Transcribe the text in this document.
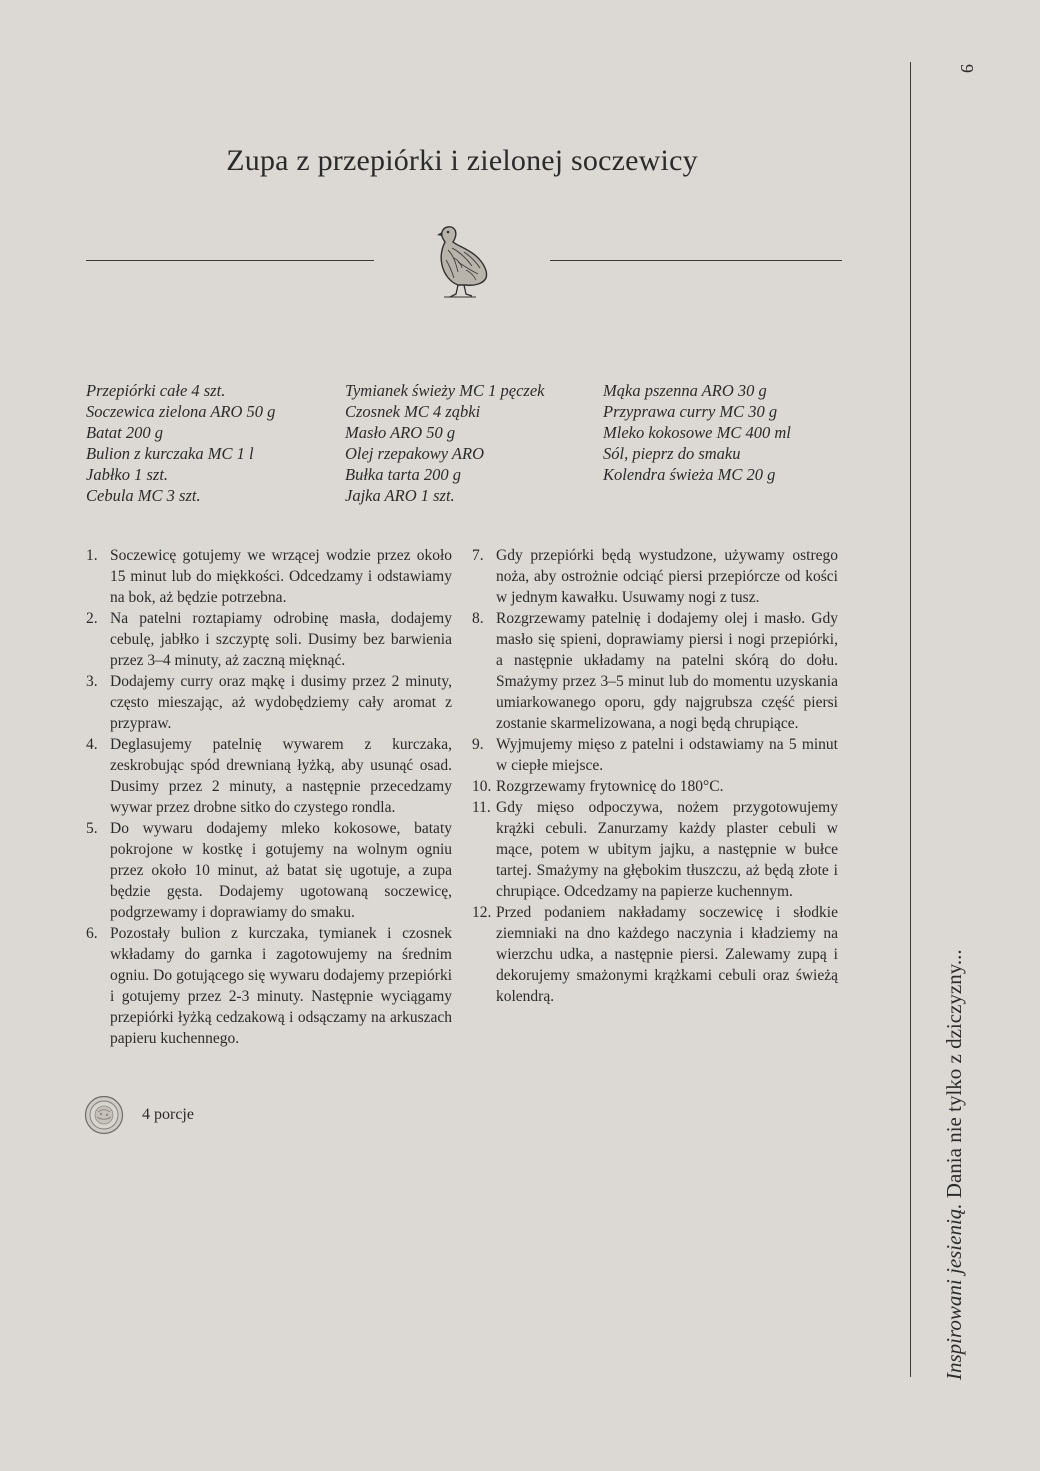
Zupa z przepiórki i zielonej soczewicy
Przepiórki całe 4 szt.
Soczewica zielona ARO 50 g
Batat 200 g
Bulion z kurczaka MC 1 l
Jabłko 1 szt.
Cebula MC 3 szt.
Tymianek świeży MC 1 pęczek
Czosnek MC 4 ząbki
Masło ARO 50 g
Olej rzepakowy ARO
Bułka tarta 200 g
Jajka ARO 1 szt.
Mąka pszenna ARO 30 g
Przyprawa curry MC 30 g
Mleko kokosowe MC 400 ml
Sól, pieprz do smaku
Kolendra świeża MC 20 g
1. Soczewicę gotujemy we wrzącej wodzie przez około 15 minut lub do miękkości. Odcedzamy i odstawiamy na bok, aż będzie potrzebna.
2. Na patelni roztapiamy odrobinę masła, dodajemy cebulę, jabłko i szczyptę soli. Dusimy bez barwienia przez 3–4 minuty, aż zaczną mięknąć.
3. Dodajemy curry oraz mąkę i dusimy przez 2 minuty, często mieszając, aż wydobędziemy cały aromat z przypraw.
4. Deglasujemy patelnię wywarem z kurczaka, zeskrobując spód drewnianą łyżką, aby usunąć osad. Dusimy przez 2 minuty, a następnie przecedzamy wywar przez drobne sitko do czystego rondla.
5. Do wywaru dodajemy mleko kokosowe, bataty pokrojone w kostkę i gotujemy na wolnym ogniu przez około 10 minut, aż batat się ugotuje, a zupa będzie gęsta. Dodajemy ugotowaną soczewicę, podgrzewamy i doprawiamy do smaku.
6. Pozostały bulion z kurczaka, tymianek i czosnek wkładamy do garnka i zagotowujemy na średnim ogniu. Do gotującego się wywaru dodajemy przepiórki i gotujemy przez 2-3 minuty. Następnie wyciągamy przepiórki łyżką cedzakową i odsączamy na arkuszach papieru kuchennego.
7. Gdy przepiórki będą wystudzone, używamy ostrego noża, aby ostrożnie odciąć piersi przepiórcze od kości w jednym kawałku. Usuwamy nogi z tusz.
8. Rozgrzewamy patelnię i dodajemy olej i masło. Gdy masło się spieni, doprawiamy piersi i nogi przepiórki, a następnie układamy na patelni skórą do dołu. Smażymy przez 3–5 minut lub do momentu uzyskania umiarkowanego oporu, gdy najgrubsza część piersi zostanie skarmelizowana, a nogi będą chrupiące.
9. Wyjmujemy mięso z patelni i odstawiamy na 5 minut w ciepłe miejsce.
10. Rozgrzewamy frytownicę do 180°C.
11. Gdy mięso odpoczywa, nożem przygotowujemy krążki cebuli. Zanurzamy każdy plaster cebuli w mące, potem w ubitym jajku, a następnie w bułce tartej. Smażymy na głębokim tłuszczu, aż będą złote i chrupiące. Odcedzamy na papierze kuchennym.
12. Przed podaniem nakładamy soczewicę i słodkie ziemniaki na dno każdego naczynia i kładziemy na wierzchu udka, a następnie piersi. Zalewamy zupą i dekorujemy smażonymi krążkami cebuli oraz świeżą kolendrą.
4 porcje
9
Inspirowani jesienią. Dania nie tylko z dziczyzny...
